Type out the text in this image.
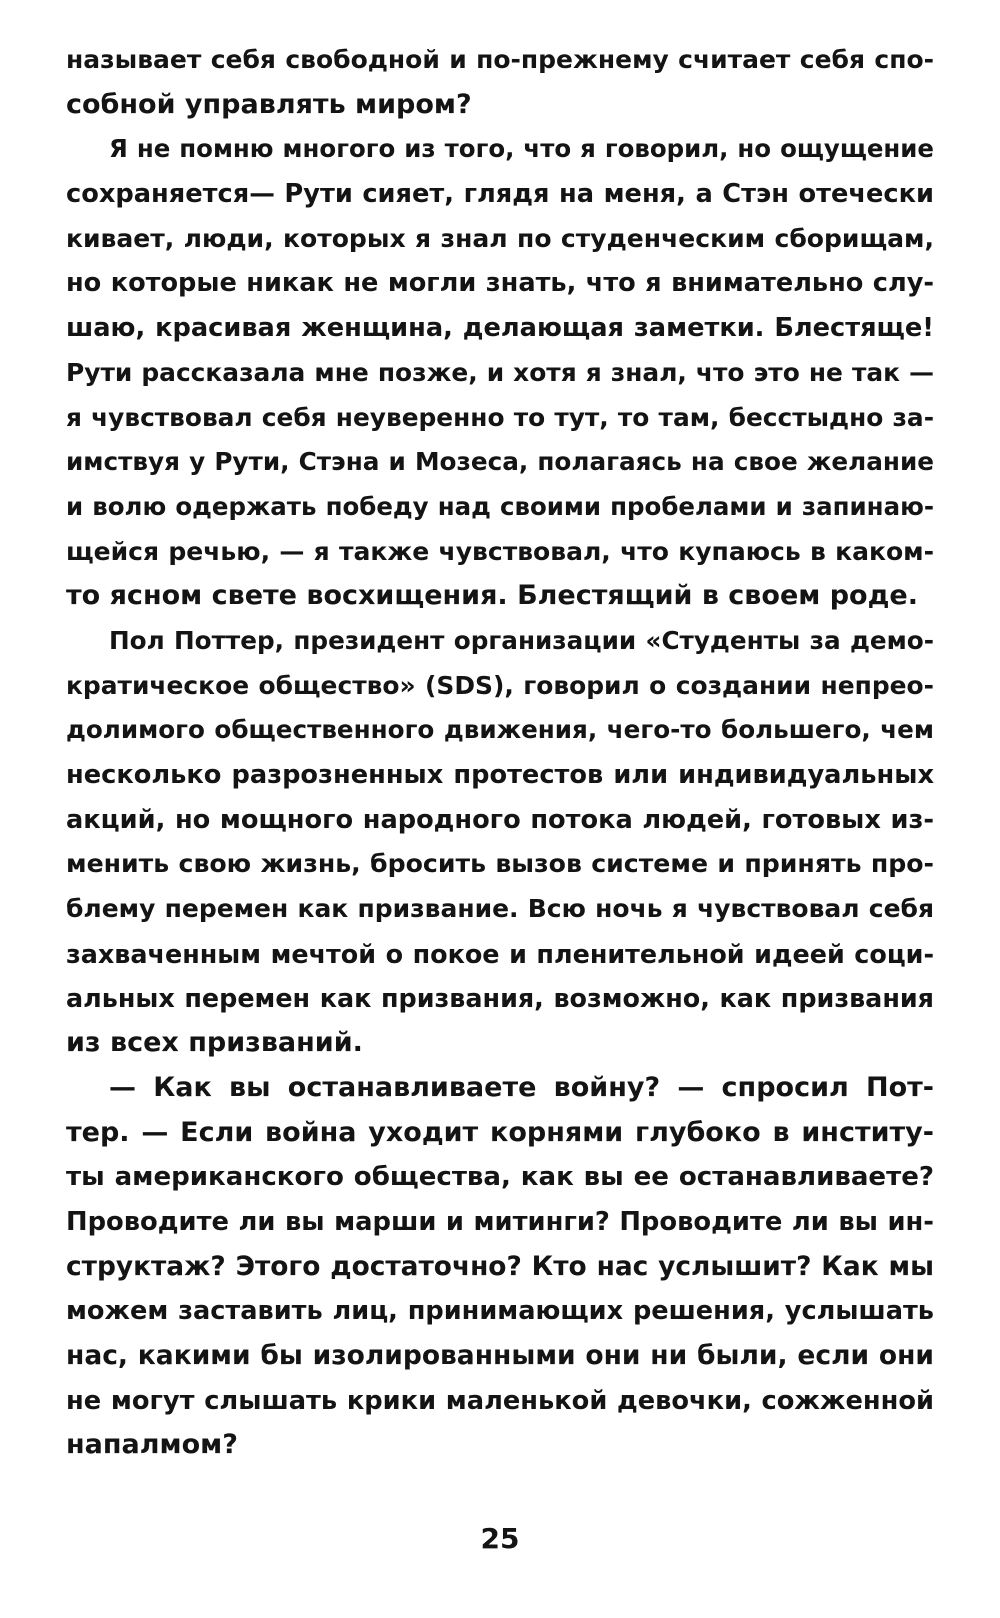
называет себя свободной и по-прежнему считает себя спо-
собной управлять миром?
Я не помню многого из того, что я говорил, но ощущение
сохраняется— Рути сияет, глядя на меня, а Стэн отечески
кивает, люди, которых я знал по студенческим сборищам,
но которые никак не могли знать, что я внимательно слу-
шаю, красивая женщина, делающая заметки. Блестяще!
Рути рассказала мне позже, и хотя я знал, что это не так —
я чувствовал себя неуверенно то тут, то там, бесстыдно за-
имствуя у Рути, Стэна и Мозеса, полагаясь на свое желание
и волю одержать победу над своими пробелами и запинаю-
щейся речью, — я также чувствовал, что купаюсь в каком-
то ясном свете восхищения. Блестящий в своем роде.
Пол Поттер, президент организации «Студенты за демо-
кратическое общество» (SDS), говорил о создании непрео-
долимого общественного движения, чего-то большего, чем
несколько разрозненных протестов или индивидуальных
акций, но мощного народного потока людей, готовых из-
менить свою жизнь, бросить вызов системе и принять про-
блему перемен как призвание. Всю ночь я чувствовал себя
захваченным мечтой о покое и пленительной идеей соци-
альных перемен как призвания, возможно, как призвания
из всех призваний.
— Как вы останавливаете войну? — спросил Пот-
тер. — Если война уходит корнями глубоко в институ-
ты американского общества, как вы ее останавливаете?
Проводите ли вы марши и митинги? Проводите ли вы ин-
структаж? Этого достаточно? Кто нас услышит? Как мы
можем заставить лиц, принимающих решения, услышать
нас, какими бы изолированными они ни были, если они
не могут слышать крики маленькой девочки, сожженной
напалмом?
25
